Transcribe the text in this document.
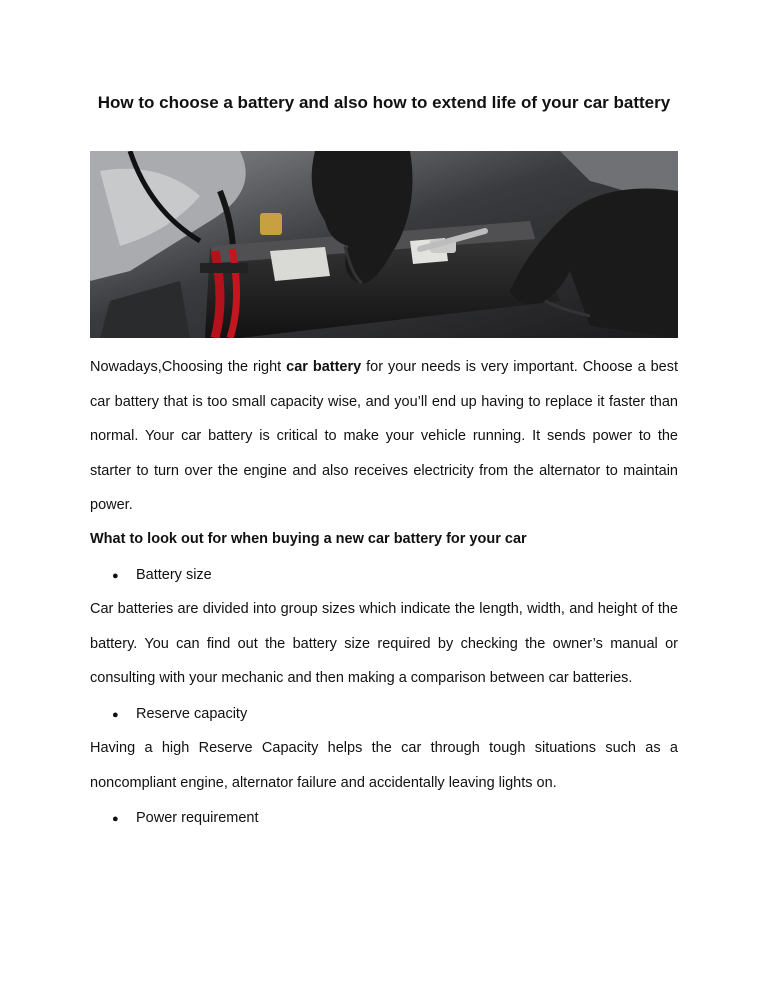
How to choose a battery and also how to extend life of your car battery
Nowadays,Choosing the right car battery for your needs is very important. Choose a best car battery that is too small capacity wise, and you’ll end up having to replace it faster than normal. Your car battery is critical to make your vehicle running. It sends power to the starter to turn over the engine and also receives electricity from the alternator to maintain power.
What to look out for when buying a new car battery for your car
● Battery size
Car batteries are divided into group sizes which indicate the length, width, and height of the battery. You can find out the battery size required by checking the owner’s manual or consulting with your mechanic and then making a comparison between car batteries.
● Reserve capacity
Having a high Reserve Capacity helps the car through tough situations such as a noncompliant engine, alternator failure and accidentally leaving lights on.
● Power requirement
